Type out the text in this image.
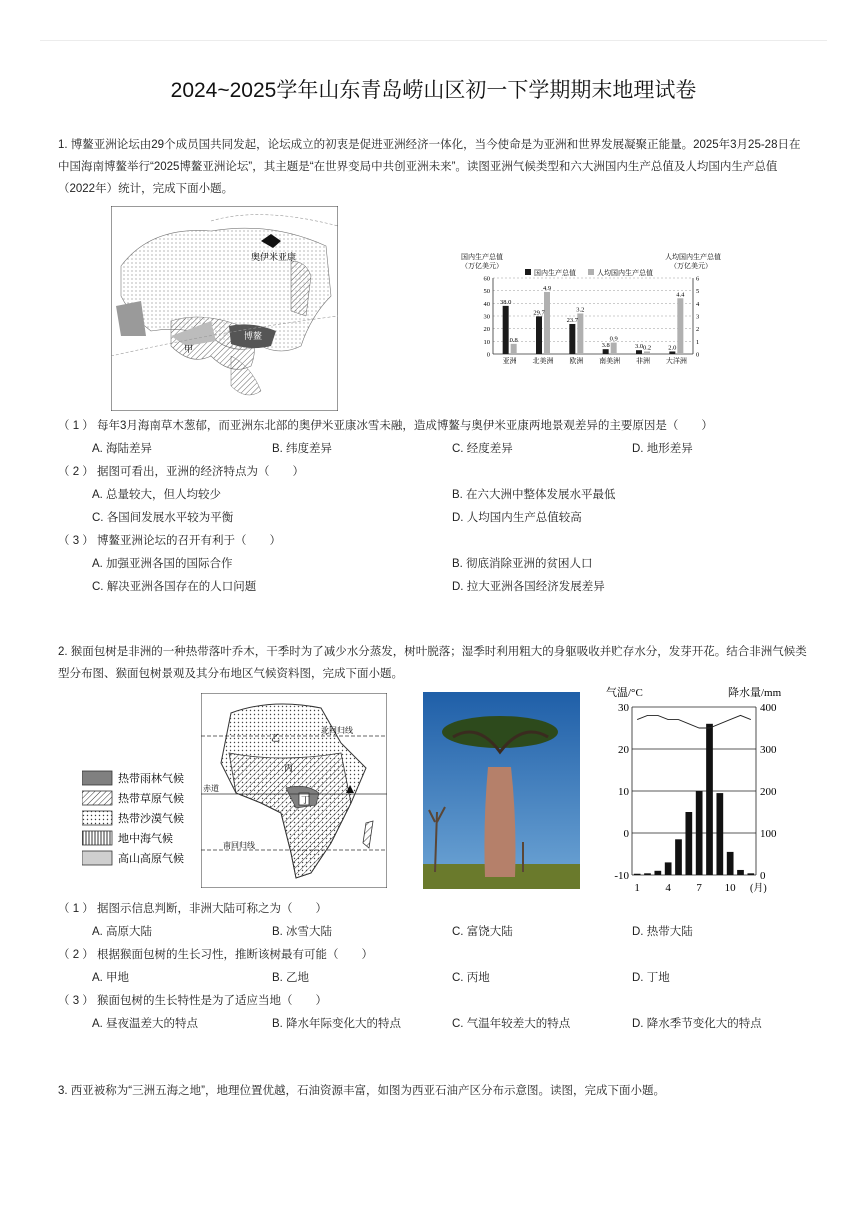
2024~2025学年山东青岛崂山区初一下学期期末地理试卷
1. 博鳌亚洲论坛由29个成员国共同发起，论坛成立的初衷是促进亚洲经济一体化，当今使命是为亚洲和世界发展凝聚正能量。2025年3月25-28日在
中国海南博鳌举行“2025博鳌亚洲论坛”，其主题是“在世界变局中共创亚洲未来”。读图亚洲气候类型和六大洲国内生产总值及人均国内生产总值
（2022年）统计，完成下面小题。
奥伊米亚康
博鳌
甲
国内生产总值
（万亿美元）
人均国内生产总值
（万亿美元）
国内生产总值	人均国内生产总值
60
50
40
30
20
10
0
6
5
4
3
2
1
0
38.0
0.8
亚洲
29.7
4.9
北美洲
23.7
3.2
欧洲
3.8
0.9
南美洲
3.0 0.2
非洲
2.0
4.4
大洋洲
（ 1 ） 每年3月海南草木葱郁，而亚洲东北部的奥伊米亚康冰雪未融，造成博鳌与奥伊米亚康两地景观差异的主要原因是（　　）
A. 海陆差异	B. 纬度差异	C. 经度差异	D. 地形差异
（ 2 ） 据图可看出，亚洲的经济特点为（　　）
A. 总量较大，但人均较少	B. 在六大洲中整体发展水平最低
C. 各国间发展水平较为平衡	D. 人均国内生产总值较高
（ 3 ） 博鳌亚洲论坛的召开有利于（　　）
A. 加强亚洲各国的国际合作	B. 彻底消除亚洲的贫困人口
C. 解决亚洲各国存在的人口问题	D. 拉大亚洲各国经济发展差异
2. 猴面包树是非洲的一种热带落叶乔木，干季时为了减少水分蒸发，树叶脱落；湿季时利用粗大的身躯吸收并贮存水分，发芽开花。结合非洲气候类
型分布图、猴面包树景观及其分布地区气候资料图，完成下面小题。
热带雨林气候
热带草原气候
热带沙漠气候
地中海气候
高山高原气候
北回归线
赤道
南回归线
乙
丙
丁
气温/°C	降水量/mm
(月)
30
20
10
0
-10
400
300
200
100
0
1 4 7 10
（ 1 ） 据图示信息判断，非洲大陆可称之为（　　）
A. 高原大陆	B. 冰雪大陆	C. 富饶大陆	D. 热带大陆
（ 2 ） 根据猴面包树的生长习性，推断该树最有可能（　　）
A. 甲地	B. 乙地	C. 丙地	D. 丁地
（ 3 ） 猴面包树的生长特性是为了适应当地（　　）
A. 昼夜温差大的特点	B. 降水年际变化大的特点	C. 气温年较差大的特点	D. 降水季节变化大的特点
3. 西亚被称为“三洲五海之地”，地理位置优越，石油资源丰富，如图为西亚石油产区分布示意图。读图，完成下面小题。
